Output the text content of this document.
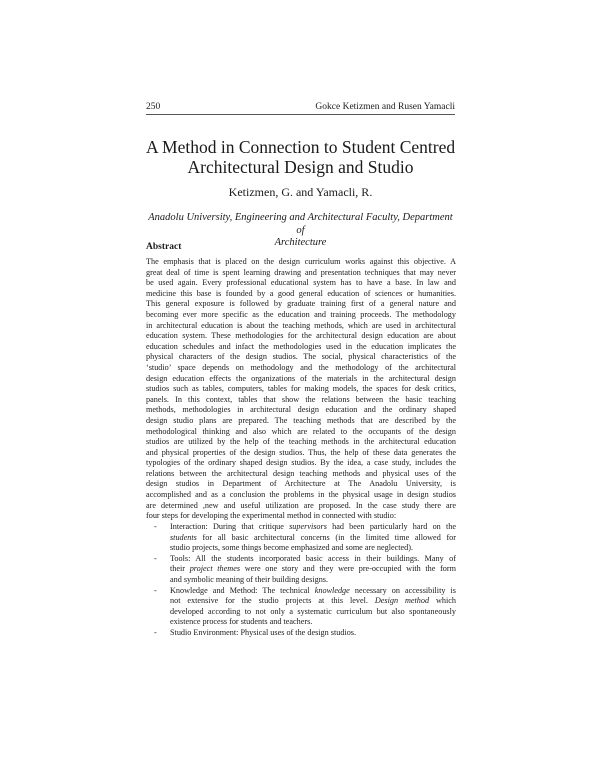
250	Gokce Ketizmen and Rusen Yamacli
A Method in Connection to Student Centred
Architectural Design and Studio
Ketizmen, G. and Yamacli, R.
Anadolu University, Engineering and Architectural Faculty, Department of
Architecture
Abstract
The emphasis that is placed on the design curriculum works against this objective. A
great deal of time is spent learning drawing and presentation techniques that may never
be used again. Every professional educational system has to have a base. In law and
medicine this base is founded by a good general education of sciences or humanities.
This general exposure is followed by graduate training first of a general nature and
becoming ever more specific as the education and training proceeds. The methodology
in architectural education is about the teaching methods, which are used in architectural
education system. These methodologies for the architectural design education are about
education schedules and infact the methodologies used in the education implicates the
physical characters of the design studios. The social, physical characteristics of the
‘studio’ space depends on methodology and the methodology of the architectural
design education effects the organizations of the materials in the architectural design
studios such as tables, computers, tables for making models, the spaces for desk critics,
panels. In this context, tables that show the relations between the basic teaching
methods, methodologies in architectural design education and the ordinary shaped
design studio plans are prepared. The teaching methods that are described by the
methodological thinking and also which are related to the occupants of the design
studios are utilized by the help of the teaching methods in the architectural education
and physical properties of the design studios. Thus, the help of these data generates the
typologies of the ordinary shaped design studios. By the idea, a case study, includes the
relations between the architectural design teaching methods and physical uses of the
design studios in Department of Architecture at The Anadolu University, is
accomplished and as a conclusion the problems in the physical usage in design studios
are determined ,new and useful utilization are proposed. In the case study there are
four steps for developing the experimental method in connected with studio:
- Interaction: During that critique supervisors had been particularly hard on the
students for all basic architectural concerns (in the limited time allowed for
studio projects, some things become emphasized and some are neglected).
- Tools: All the students incorporated basic access in their buildings. Many of
their project themes were one story and they were pre-occupied with the form
and symbolic meaning of their building designs.
- Knowledge and Method: The technical knowledge necessary on accessibility is
not extensive for the studio projects at this level. Design method which
developed according to not only a systematic curriculum but also spontaneously
existence process for students and teachers.
- Studio Environment: Physical uses of the design studios.
